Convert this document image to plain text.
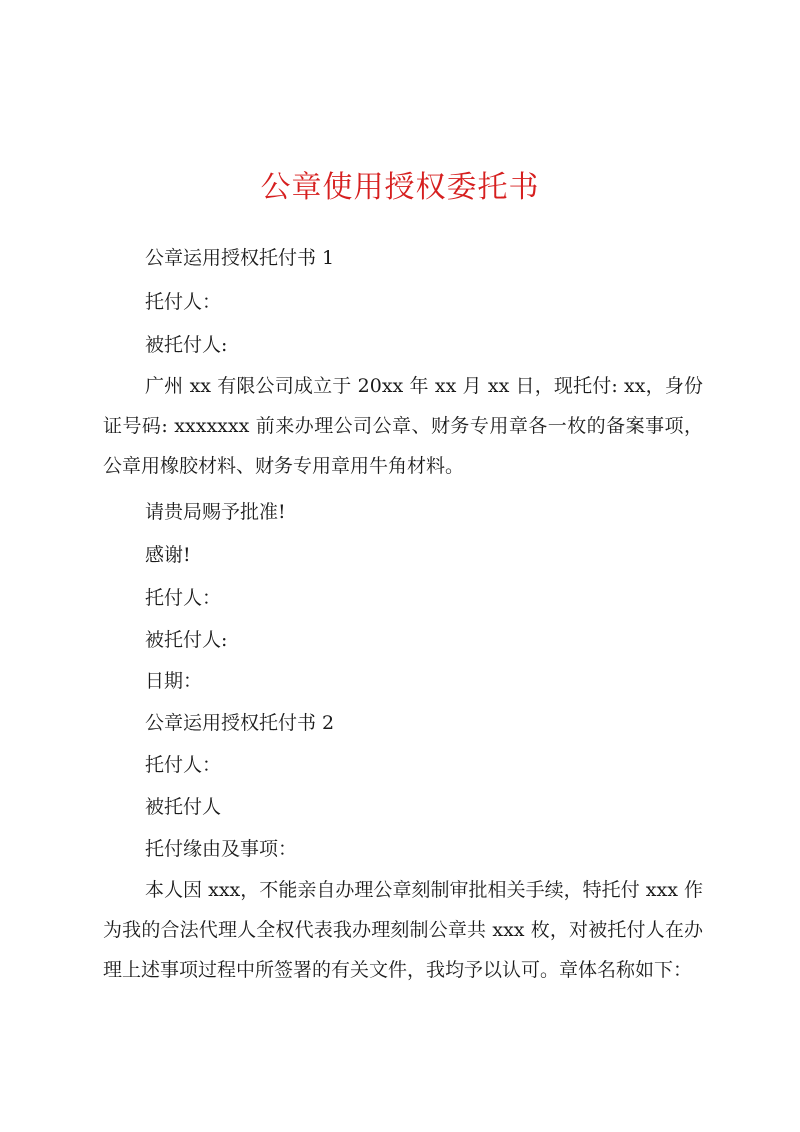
公章使用授权委托书

公章运用授权托付书 1

托付人：

被托付人:

广州 xx 有限公司成立于 20xx 年 xx 月 xx 日，现托付: xx，身份证号码: xxxxxxx 前来办理公司公章、财务专用章各一枚的备案事项，公章用橡胶材料、财务专用章用牛角材料。

请贵局赐予批准!

感谢!

托付人：

被托付人:

日期：

公章运用授权托付书 2

托付人：

被托付人

托付缘由及事项：

本人因 xxx，不能亲自办理公章刻制审批相关手续，特托付 xxx 作为我的合法代理人全权代表我办理刻制公章共 xxx 枚，对被托付人在办理上述事项过程中所签署的有关文件，我均予以认可。章体名称如下：
